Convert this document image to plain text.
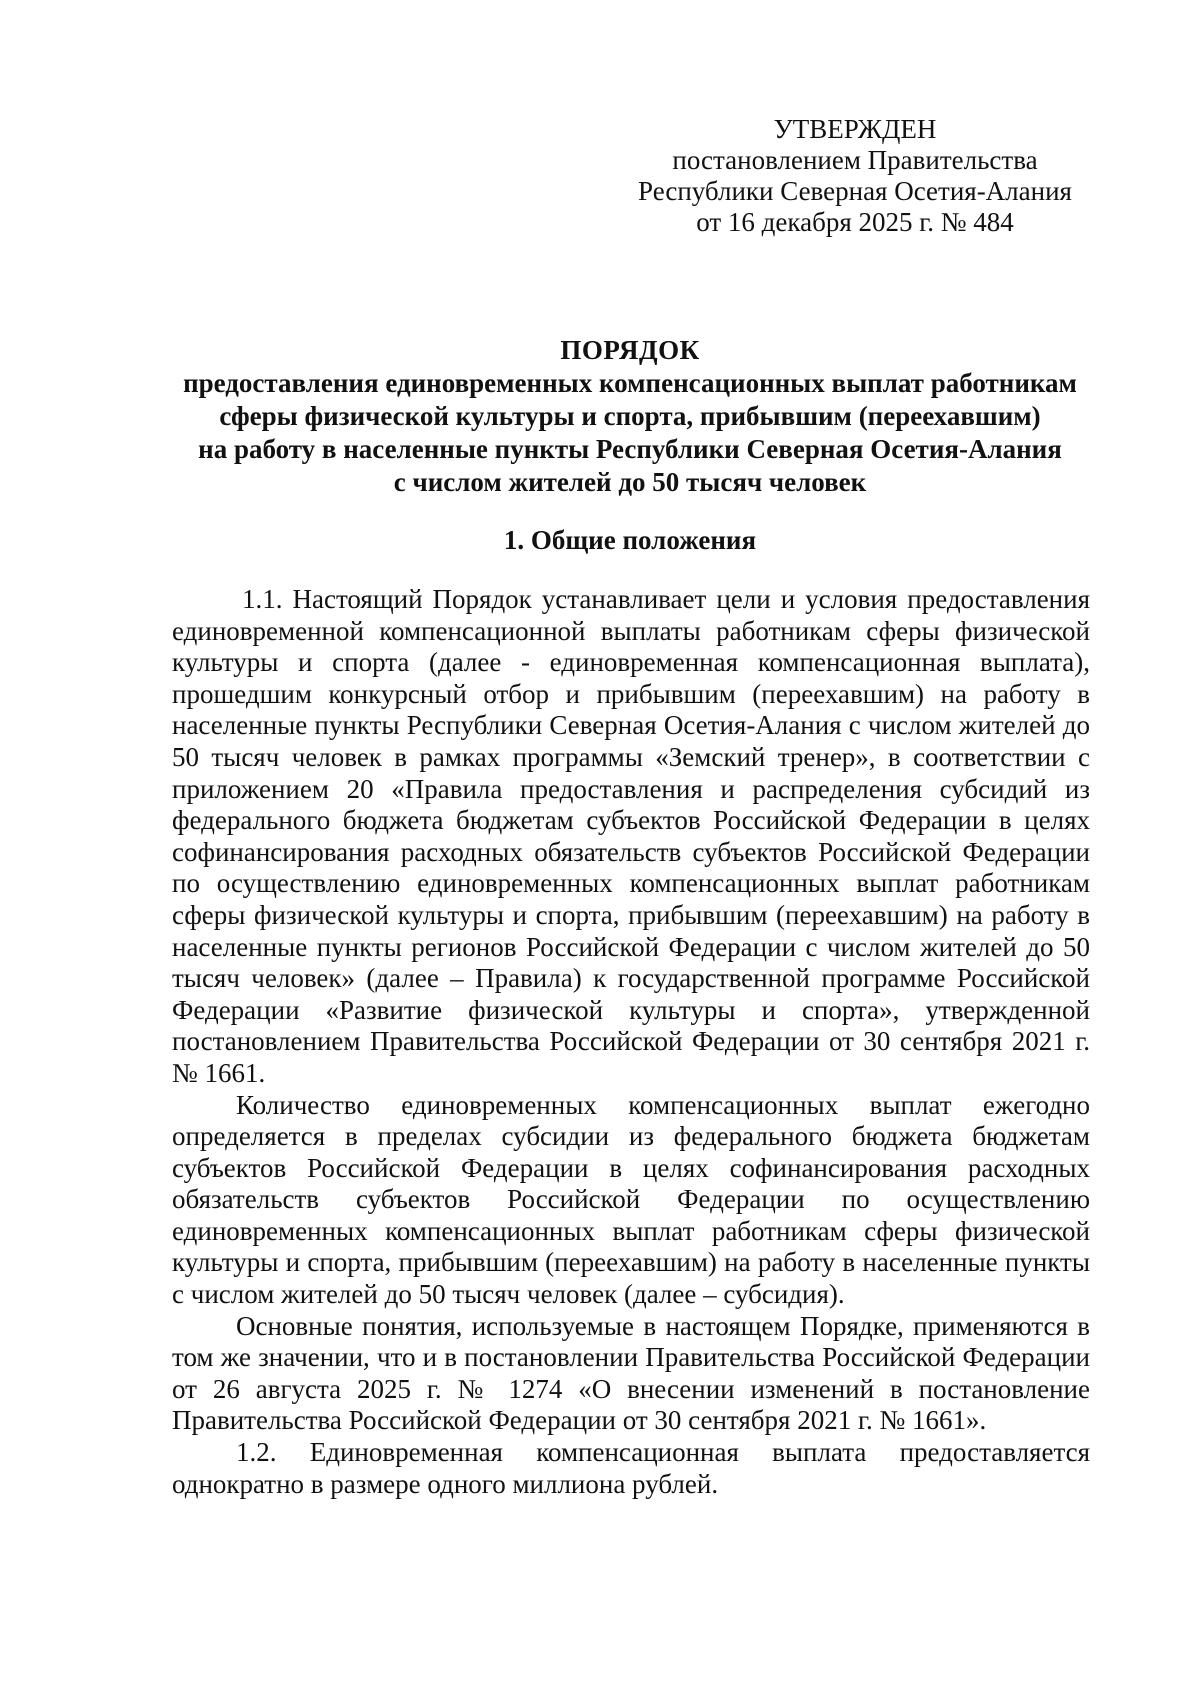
УТВЕРЖДЕН
постановлением Правительства
Республики Северная Осетия-Алания
от 16 декабря 2025 г. № 484
ПОРЯДОК
предоставления единовременных компенсационных выплат работникам
сферы физической культуры и спорта, прибывшим (переехавшим)
на работу в населенные пункты Республики Северная Осетия-Алания
с числом жителей до 50 тысяч человек
1. Общие положения

1.1. Настоящий Порядок устанавливает цели и условия предоставления единовременной компенсационной выплаты работникам сферы физической культуры и спорта (далее - единовременная компенсационная выплата), прошедшим конкурсный отбор и прибывшим (переехавшим) на работу в населенные пункты Республики Северная Осетия-Алания с числом жителей до 50 тысяч человек в рамках программы «Земский тренер», в соответствии с приложением 20 «Правила предоставления и распределения субсидий из федерального бюджета бюджетам субъектов Российской Федерации в целях софинансирования расходных обязательств субъектов Российской Федерации по осуществлению единовременных компенсационных выплат работникам сферы физической культуры и спорта, прибывшим (переехавшим) на работу в населенные пункты регионов Российской Федерации с числом жителей до 50 тысяч человек» (далее – Правила) к государственной программе Российской Федерации «Развитие физической культуры и спорта», утвержденной постановлением Правительства Российской Федерации от 30 сентября 2021 г. № 1661.

Количество единовременных компенсационных выплат ежегодно определяется в пределах субсидии из федерального бюджета бюджетам субъектов Российской Федерации в целях софинансирования расходных обязательств субъектов Российской Федерации по осуществлению единовременных компенсационных выплат работникам сферы физической культуры и спорта, прибывшим (переехавшим) на работу в населенные пункты с числом жителей до 50 тысяч человек (далее – субсидия).

Основные понятия, используемые в настоящем Порядке, применяются в том же значении, что и в постановлении Правительства Российской Федерации от 26 августа 2025 г. № 1274 «О внесении изменений в постановление Правительства Российской Федерации от 30 сентября 2021 г. № 1661».

1.2. Единовременная компенсационная выплата предоставляется однократно в размере одного миллиона рублей.
